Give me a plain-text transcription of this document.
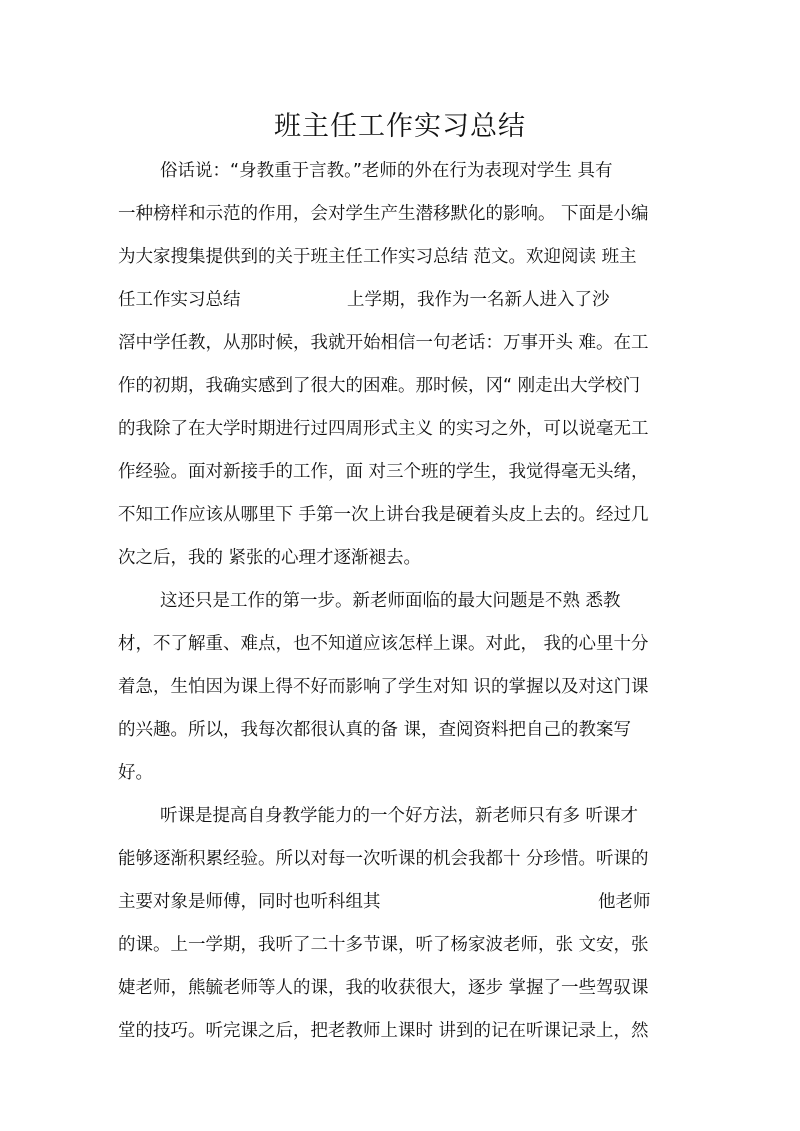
班主任工作实习总结
俗话说：“身教重于言教。”老师的外在行为表现对学生 具有
一种榜样和示范的作用，会对学生产生潜移默化的影响。 下面是小编
为大家搜集提供到的关于班主任工作实习总结 范文。欢迎阅读 班主
任工作实习总结	上学期，我作为一名新人进入了沙
滘中学任教，从那时候，我就开始相信一句老话：万事开头 难。在工
作的初期，我确实感到了很大的困难。那时候，冈“ 刚走出大学校门
的我除了在大学时期进行过四周形式主义 的实习之外，可以说毫无工
作经验。面对新接手的工作，面 对三个班的学生，我觉得毫无头绪，
不知工作应该从哪里下 手第一次上讲台我是硬着头皮上去的。经过几
次之后，我的 紧张的心理才逐渐褪去。
这还只是工作的第一步。新老师面临的最大问题是不熟 悉教
材，不了解重、难点，也不知道应该怎样上课。对此， 我的心里十分
着急，生怕因为课上得不好而影响了学生对知 识的掌握以及对这门课
的兴趣。所以，我每次都很认真的备 课，查阅资料把自己的教案写
好。
听课是提高自身教学能力的一个好方法，新老师只有多 听课才
能够逐渐积累经验。所以对每一次听课的机会我都十 分珍惜。听课的
主要对象是师傅，同时也听科组其	他老师
的课。上一学期，我听了二十多节课，听了杨家波老师，张 文安，张
婕老师，熊毓老师等人的课，我的收获很大，逐步 掌握了一些驾驭课
堂的技巧。听完课之后，把老教师上课时 讲到的记在听课记录上，然
